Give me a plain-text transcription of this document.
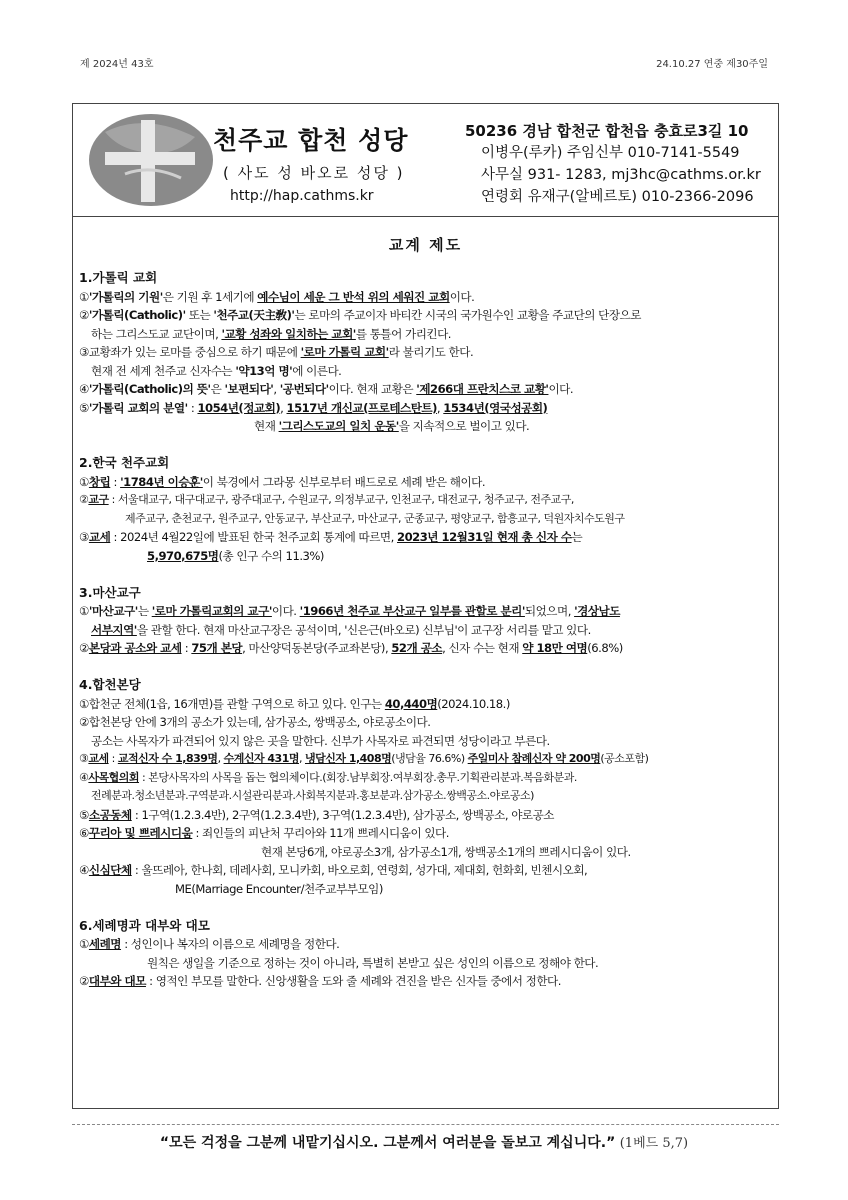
제 2024년 43호	24.10.27 연중 제30주일
천주교 합천 성당
( 사도 성 바오로 성당 )
http://hap.cathms.kr
50236 경남 합천군 합천읍 충효로3길 10
이병우(루카) 주임신부 010-7141-5549
사무실 931- 1283, mj3hc@cathms.or.kr
연령회 유재구(알베르토) 010-2366-2096
교계 제도
1.가톨릭 교회
①'가톨릭의 기원'은 기원 후 1세기에 예수님이 세운 그 반석 위의 세워진 교회이다.
②'가톨릭(Catholic)' 또는 '천주교(天主敎)'는 로마의 주교이자 바티칸 시국의 국가원수인 교황을 주교단의 단장으로
하는 그리스도교 교단이며, '교황 성좌와 일치하는 교회'를 통틀어 가리킨다.
③교황좌가 있는 로마를 중심으로 하기 때문에 '로마 가톨릭 교회'라 불리기도 한다.
현재 전 세계 천주교 신자수는 '약13억 명'에 이른다.
④'가톨릭(Catholic)의 뜻'은 '보편되다', '공번되다'이다. 현재 교황은 '제266대 프란치스코 교황'이다.
⑤'가톨릭 교회의 분열' : 1054년(정교회), 1517년 개신교(프로테스탄트), 1534년(영국성공회)
현재 '그리스도교의 일치 운동'을 지속적으로 벌이고 있다.
2.한국 천주교회
①창립 : '1784년 이승훈'이 북경에서 그라몽 신부로부터 배드로로 세례 받은 해이다.
②교구 : 서울대교구, 대구대교구, 광주대교구, 수원교구, 의정부교구, 인천교구, 대전교구, 청주교구, 전주교구,
제주교구, 춘천교구, 원주교구, 안동교구, 부산교구, 마산교구, 군종교구, 평양교구, 함흥교구, 덕원자치수도원구
③교세 : 2024년 4월22일에 발표된 한국 천주교회 통계에 따르면, 2023년 12월31일 현재 총 신자 수는
5,970,675명(총 인구 수의 11.3%)
3.마산교구
①'마산교구'는 '로마 가톨릭교회의 교구'이다. '1966년 천주교 부산교구 일부를 관할로 분리'되었으며, '경상남도
서부지역'을 관할 한다. 현재 마산교구장은 공석이며, '신은근(바오로) 신부님'이 교구장 서리를 맡고 있다.
②본당과 공소와 교세 : 75개 본당, 마산양덕동본당(주교좌본당), 52개 공소, 신자 수는 현재 약 18만 여명(6.8%)
4.합천본당
①합천군 전체(1읍, 16개면)를 관할 구역으로 하고 있다. 인구는 40,440명(2024.10.18.)
②합천본당 안에 3개의 공소가 있는데, 삼가공소, 쌍백공소, 야로공소이다.
공소는 사목자가 파견되어 있지 않은 곳을 말한다. 신부가 사목자로 파견되면 성당이라고 부른다.
③교세 : 교적신자 수 1,839명, 수계신자 431명, 냉담신자 1,408명(냉담율 76.6%) 주일미사 참례신자 약 200명(공소포함)
④사목협의회 : 본당사목자의 사목을 돕는 협의체이다.(회장.남부회장.여부회장.총무.기획관리분과.복음화분과.
전례분과.청소년분과.구역분과.시설관리분과.사회복지분과.홍보분과.삼가공소.쌍백공소.야로공소)
⑤소공동체 : 1구역(1.2.3.4반), 2구역(1.2.3.4반), 3구역(1.2.3.4반), 삼가공소, 쌍백공소, 야로공소
⑥꾸리아 및 쁘레시디움 : 죄인들의 피난처 꾸리아와 11개 쁘레시디움이 있다.
현재 본당6개, 야로공소3개, 삼가공소1개, 쌍백공소1개의 쁘레시디움이 있다.
④신심단체 : 울뜨레아, 한나회, 데레사회, 모니카회, 바오로회, 연령회, 성가대, 제대회, 헌화회, 빈첸시오회,
ME(Marriage Encounter/천주교부부모임)
6.세례명과 대부와 대모
①세례명 : 성인이나 복자의 이름으로 세례명을 정한다.
원칙은 생일을 기준으로 정하는 것이 아니라, 특별히 본받고 싶은 성인의 이름으로 정해야 한다.
②대부와 대모 : 영적인 부모를 말한다. 신앙생활을 도와 줄 세례와 견진을 받은 신자들 중에서 정한다.
“모든 걱정을 그분께 내맡기십시오. 그분께서 여러분을 돌보고 계십니다.” (1베드 5,7)
